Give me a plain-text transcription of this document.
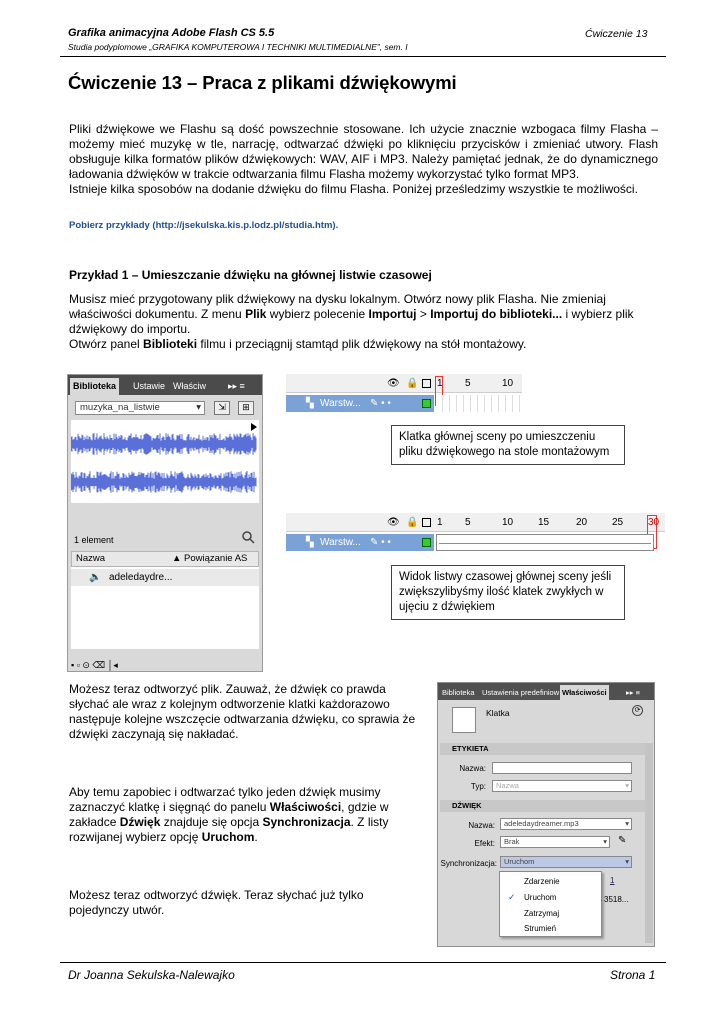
Grafika animacyjna Adobe Flash CS 5.5
Studia podyplomowe „GRAFIKA KOMPUTEROWA I TECHNIKI MULTIMEDIALNE”, sem. I
Ćwiczenie 13
Ćwiczenie 13 – Praca z plikami dźwiękowymi

Pliki dźwiękowe we Flashu są dość powszechnie stosowane. Ich użycie znacznie wzbogaca filmy Flasha – możemy mieć muzykę w tle, narrację, odtwarzać dźwięki po kliknięciu przycisków i zmieniać utwory. Flash obsługuje kilka formatów plików dźwiękowych: WAV, AIF i MP3. Należy pamiętać jednak, że do dynamicznego ładowania dźwięków w trakcie odtwarzania filmu Flasha możemy wykorzystać tylko format MP3.

Istnieje kilka sposobów na dodanie dźwięku do filmu Flasha. Poniżej prześledzimy wszystkie te możliwości.

Pobierz przykłady (http://jsekulska.kis.p.lodz.pl/studia.htm).
Przykład 1 – Umieszczanie dźwięku na głównej listwie czasowej
Musisz mieć przygotowany plik dźwiękowy na dysku lokalnym. Otwórz nowy plik Flasha. Nie zmieniaj właściwości dokumentu. Z menu Plik wybierz polecenie Importuj > Importuj do biblioteki... i wybierz plik dźwiękowy do importu.
Otwórz panel Biblioteki filmu i przeciągnij stamtąd plik dźwiękowy na stół montażowy.
Biblioteka	Ustawie Właściw	▸▸ ≡
muzyka_na_listwie	▾	⇲	⊞
1 element
Nazwa	▲ Powiązanie AS
🔈 adeledaydre...
▪ ▫ ⊙ ⌫ │◂
👁 🔒 1 5	10
▚ Warstw... ✎ • •
Klatka głównej sceny po umieszczeniu pliku dźwiękowego na stole montażowym
👁 🔒 1 5	10 15	20 25 30
▚ Warstw... ✎ • •
Widok listwy czasowej głównej sceny jeśli zwiększylibyśmy ilość klatek zwykłych w ujęciu z dźwiękiem
Możesz teraz odtworzyć plik. Zauważ, że dźwięk co prawda słychać ale wraz z kolejnym odtworzenie klatki każdorazowo następuje kolejne wszczęcie odtwarzania dźwięku, co sprawia że dźwięki zaczynają się nakładać.
Aby temu zapobiec i odtwarzać tylko jeden dźwięk musimy zaznaczyć klatkę i sięgnąć do panelu Właściwości, gdzie w zakładce Dźwięk znajduje się opcja Synchronizacja. Z listy rozwijanej wybierz opcję Uruchom.
Możesz teraz odtworzyć dźwięk. Teraz słychać już tylko pojedynczy utwór.
Biblioteka Ustawienia predefiniow Właściwości	▸▸ ≡
Klatka	⟳
ETYKIETA
Nazwa:
Typ:	Nazwa	▾
DŹWIĘK
Nazwa:	adeledaydreamer.mp3	▾
Efekt:	Brak	▾ ✎
Synchronizacja: Uruchom	▾
1
3518...
Zdarzenie
✓ Uruchom
Zatrzymaj
Strumień
Dr Joanna Sekulska-Nalewajko	Strona 1
